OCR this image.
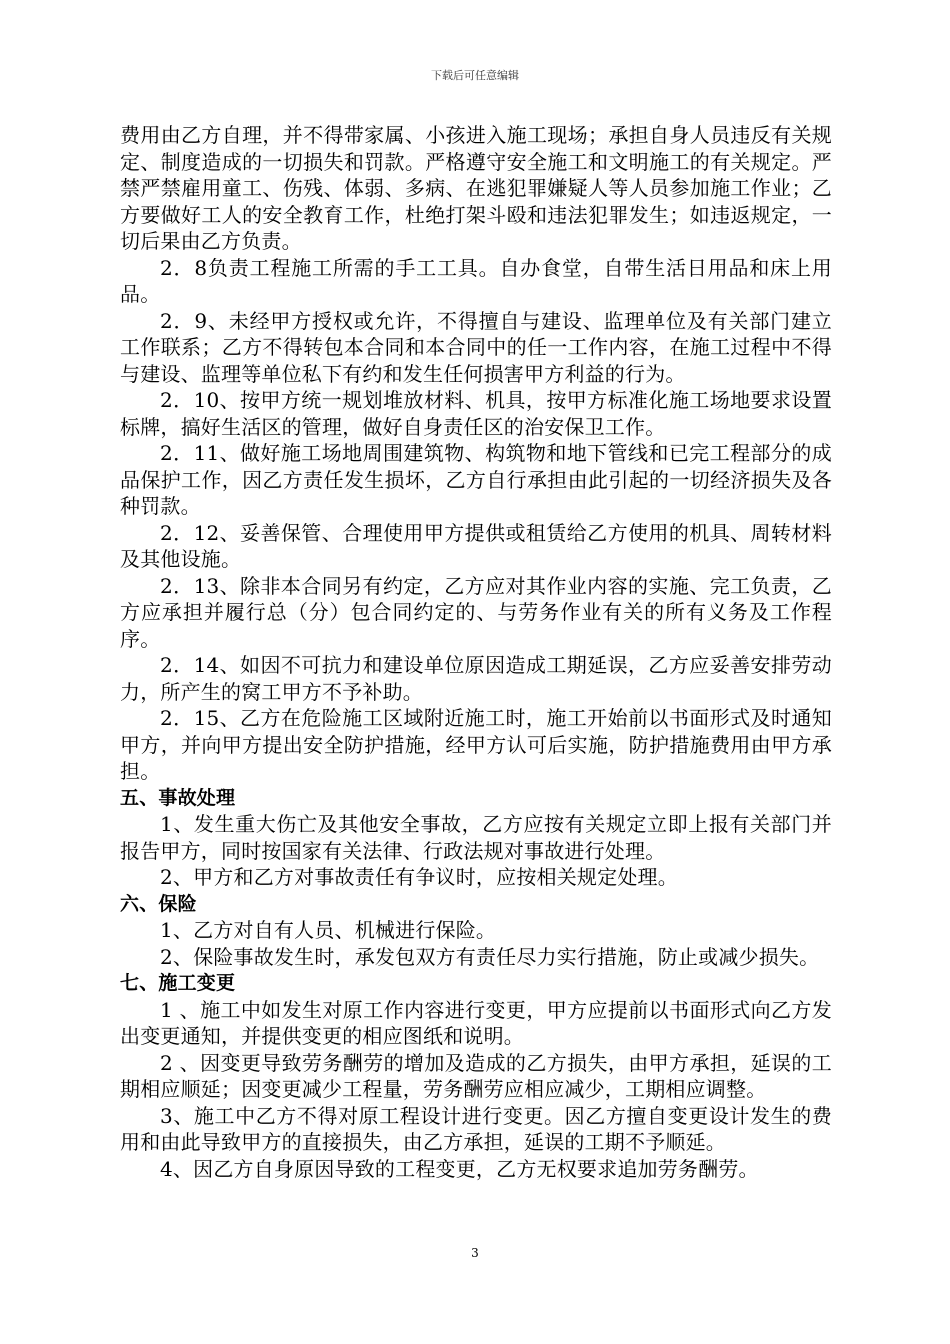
下载后可任意编辑

费用由乙方自理，并不得带家属、小孩进入施工现场；承担自身人员违反有关规定、制度造成的一切损失和罚款。严格遵守安全施工和文明施工的有关规定。严禁严禁雇用童工、伤残、体弱、多病、在逃犯罪嫌疑人等人员参加施工作业；乙方要做好工人的安全教育工作，杜绝打架斗殴和违法犯罪发生；如违返规定，一切后果由乙方负责。

2．8负责工程施工所需的手工工具。自办食堂，自带生活日用品和床上用品。

2．9、未经甲方授权或允许，不得擅自与建设、监理单位及有关部门建立工作联系；乙方不得转包本合同和本合同中的任一工作内容，在施工过程中不得与建设、监理等单位私下有约和发生任何损害甲方利益的行为。

2．10、按甲方统一规划堆放材料、机具，按甲方标准化施工场地要求设置标牌，搞好生活区的管理，做好自身责任区的治安保卫工作。

2．11、做好施工场地周围建筑物、构筑物和地下管线和已完工程部分的成品保护工作，因乙方责任发生损坏，乙方自行承担由此引起的一切经济损失及各种罚款。

2．12、妥善保管、合理使用甲方提供或租赁给乙方使用的机具、周转材料及其他设施。

2．13、除非本合同另有约定，乙方应对其作业内容的实施、完工负责，乙方应承担并履行总（分）包合同约定的、与劳务作业有关的所有义务及工作程序。

2．14、如因不可抗力和建设单位原因造成工期延误，乙方应妥善安排劳动力，所产生的窝工甲方不予补助。

2．15、乙方在危险施工区域附近施工时，施工开始前以书面形式及时通知甲方，并向甲方提出安全防护措施，经甲方认可后实施，防护措施费用由甲方承担。

五、事故处理

1、发生重大伤亡及其他安全事故，乙方应按有关规定立即上报有关部门并报告甲方，同时按国家有关法律、行政法规对事故进行处理。

2、甲方和乙方对事故责任有争议时，应按相关规定处理。

六、保险

1、乙方对自有人员、机械进行保险。

2、保险事故发生时，承发包双方有责任尽力实行措施，防止或减少损失。

七、施工变更

1 、施工中如发生对原工作内容进行变更，甲方应提前以书面形式向乙方发出变更通知，并提供变更的相应图纸和说明。

2 、因变更导致劳务酬劳的增加及造成的乙方损失，由甲方承担，延误的工期相应顺延；因变更减少工程量，劳务酬劳应相应减少，工期相应调整。

3、施工中乙方不得对原工程设计进行变更。因乙方擅自变更设计发生的费用和由此导致甲方的直接损失，由乙方承担，延误的工期不予顺延。

4、因乙方自身原因导致的工程变更，乙方无权要求追加劳务酬劳。

3
